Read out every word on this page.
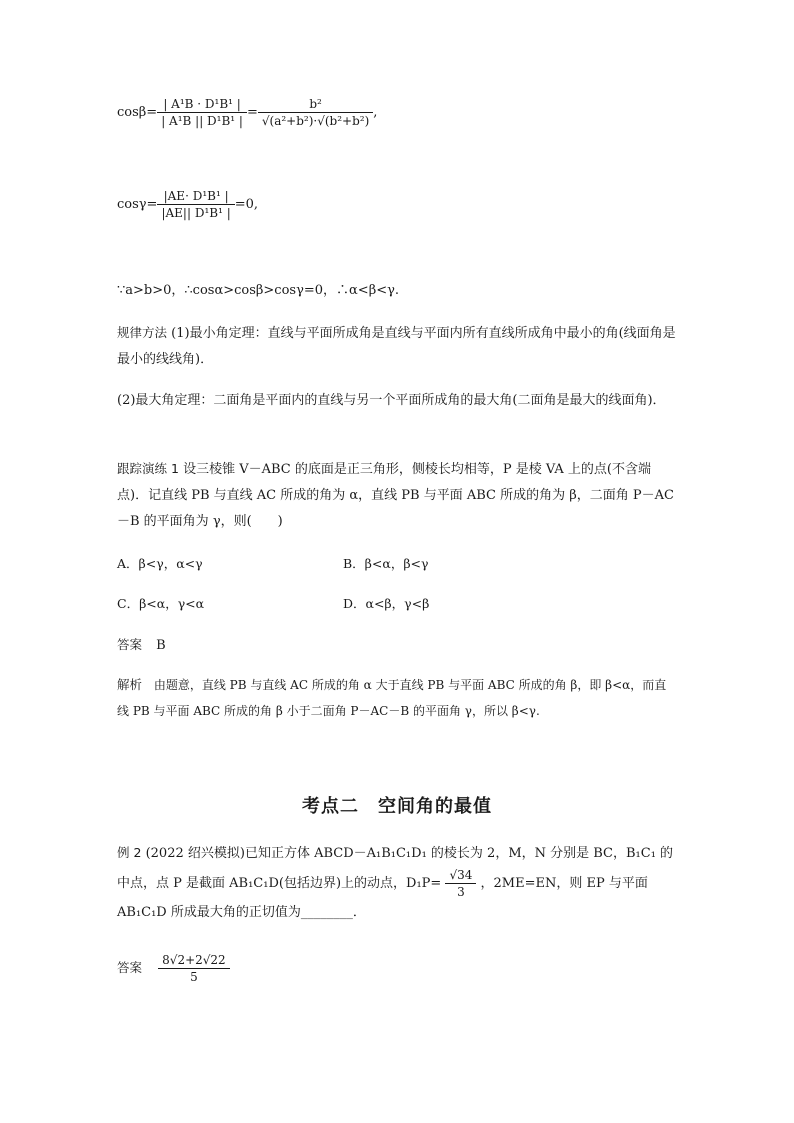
$\cos\beta= \frac{\text{| A¹B · D¹B¹ |}}{\text{| A¹B || D¹B¹ |}} = \frac{\text{b²}}{\text{√(a²+b²)·√(b²+b²)}}$ ,
$\cos\gamma= \frac{\text{|AE· D¹B¹ |}}{\text{|AE|| D¹B¹ |}} =0$,
∵a>b>0，∴cosα>cosβ>cosγ=0，∴α<β<γ.
规律方法 (1)最小角定理：直线与平面所成角是直线与平面内所有直线所成角中最小的角(线面角是最小的线线角)．
(2)最大角定理：二面角是平面内的直线与另一个平面所成角的最大角(二面角是最大的线面角)．
跟踪演练 1 设三棱锥 V－ABC 的底面是正三角形，侧棱长均相等，P 是棱 VA 上的点(不含端点)．记直线 PB 与直线 AC 所成的角为 α，直线 PB 与平面 ABC 所成的角为 β，二面角 P－AC－B 的平面角为 γ，则(　　)
A．β<γ，α<γ	B．β<α，β<γ
C．β<α，γ<α	D．α<β，γ<β
答案 B
解析 由题意，直线 PB 与直线 AC 所成的角 α 大于直线 PB 与平面 ABC 所成的角 β，即 β<α，而直线 PB 与平面 ABC 所成的角 β 小于二面角 P－AC－B 的平面角 γ，所以 β<γ.
考点二　空间角的最值
例 2 (2022 绍兴模拟)已知正方体 ABCD－A₁B₁C₁D₁ 的棱长为 2，M，N 分别是 BC，B₁C₁ 的中点，点 P 是截面 AB₁C₁D(包括边界)上的动点，$D_1P= \frac{√34}{3}$ ，2ME=EN，则 EP 与平面 AB₁C₁D 所成最大角的正切值为________．
答案 $\frac{8√2+2√22}{5}$
